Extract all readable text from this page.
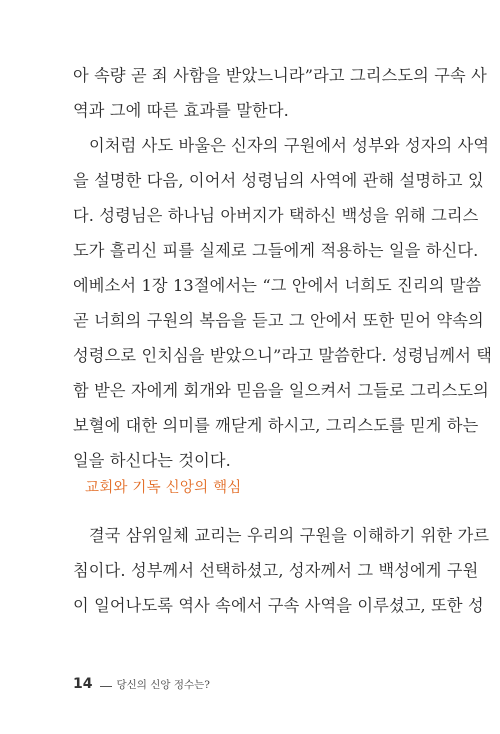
아 속량 곧 죄 사함을 받았느니라”라고 그리스도의 구속 사
역과 그에 따른 효과를 말한다.
이처럼 사도 바울은 신자의 구원에서 성부와 성자의 사역
을 설명한 다음, 이어서 성령님의 사역에 관해 설명하고 있
다. 성령님은 하나님 아버지가 택하신 백성을 위해 그리스
도가 흘리신 피를 실제로 그들에게 적용하는 일을 하신다.
에베소서 1장 13절에서는 “그 안에서 너희도 진리의 말씀
곧 너희의 구원의 복음을 듣고 그 안에서 또한 믿어 약속의
성령으로 인치심을 받았으니”라고 말씀한다. 성령님께서 택
함 받은 자에게 회개와 믿음을 일으켜서 그들로 그리스도의
보혈에 대한 의미를 깨닫게 하시고, 그리스도를 믿게 하는
일을 하신다는 것이다.
교회와 기독 신앙의 핵심
결국 삼위일체 교리는 우리의 구원을 이해하기 위한 가르
침이다. 성부께서 선택하셨고, 성자께서 그 백성에게 구원
이 일어나도록 역사 속에서 구속 사역을 이루셨고, 또한 성
14 당신의 신앙 정수는?
